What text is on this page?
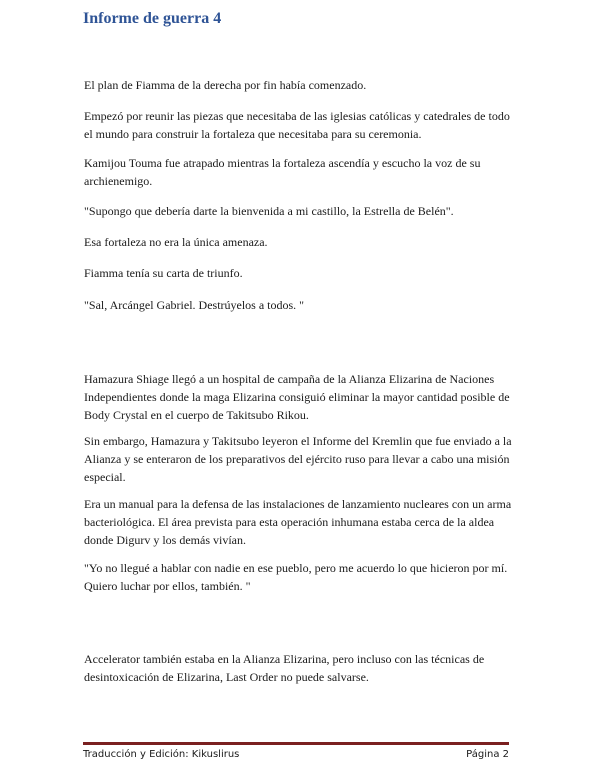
Informe de guerra 4

El plan de Fiamma de la derecha por fin había comenzado.

Empezó por reunir las piezas que necesitaba de las iglesias católicas y catedrales de todo el mundo para construir la fortaleza que necesitaba para su ceremonia.

Kamijou Touma fue atrapado mientras la fortaleza ascendía y escucho la voz de su archienemigo.

"Supongo que debería darte la bienvenida a mi castillo, la Estrella de Belén".

Esa fortaleza no era la única amenaza.

Fiamma tenía su carta de triunfo.

"Sal, Arcángel Gabriel. Destrúyelos a todos. "

Hamazura Shiage llegó a un hospital de campaña de la Alianza Elizarina de Naciones Independientes donde la maga Elizarina consiguió eliminar la mayor cantidad posible de Body Crystal en el cuerpo de Takitsubo Rikou.

Sin embargo, Hamazura y Takitsubo leyeron el Informe del Kremlin que fue enviado a la Alianza y se enteraron de los preparativos del ejército ruso para llevar a cabo una misión especial.

Era un manual para la defensa de las instalaciones de lanzamiento nucleares con un arma bacteriológica. El área prevista para esta operación inhumana estaba cerca de la aldea donde Digurv y los demás vivían.

"Yo no llegué a hablar con nadie en ese pueblo, pero me acuerdo lo que hicieron por mí. Quiero luchar por ellos, también. "

Accelerator también estaba en la Alianza Elizarina, pero incluso con las técnicas de desintoxicación de Elizarina, Last Order no puede salvarse.

Traducción y Edición: Kikuslirus	Página 2
